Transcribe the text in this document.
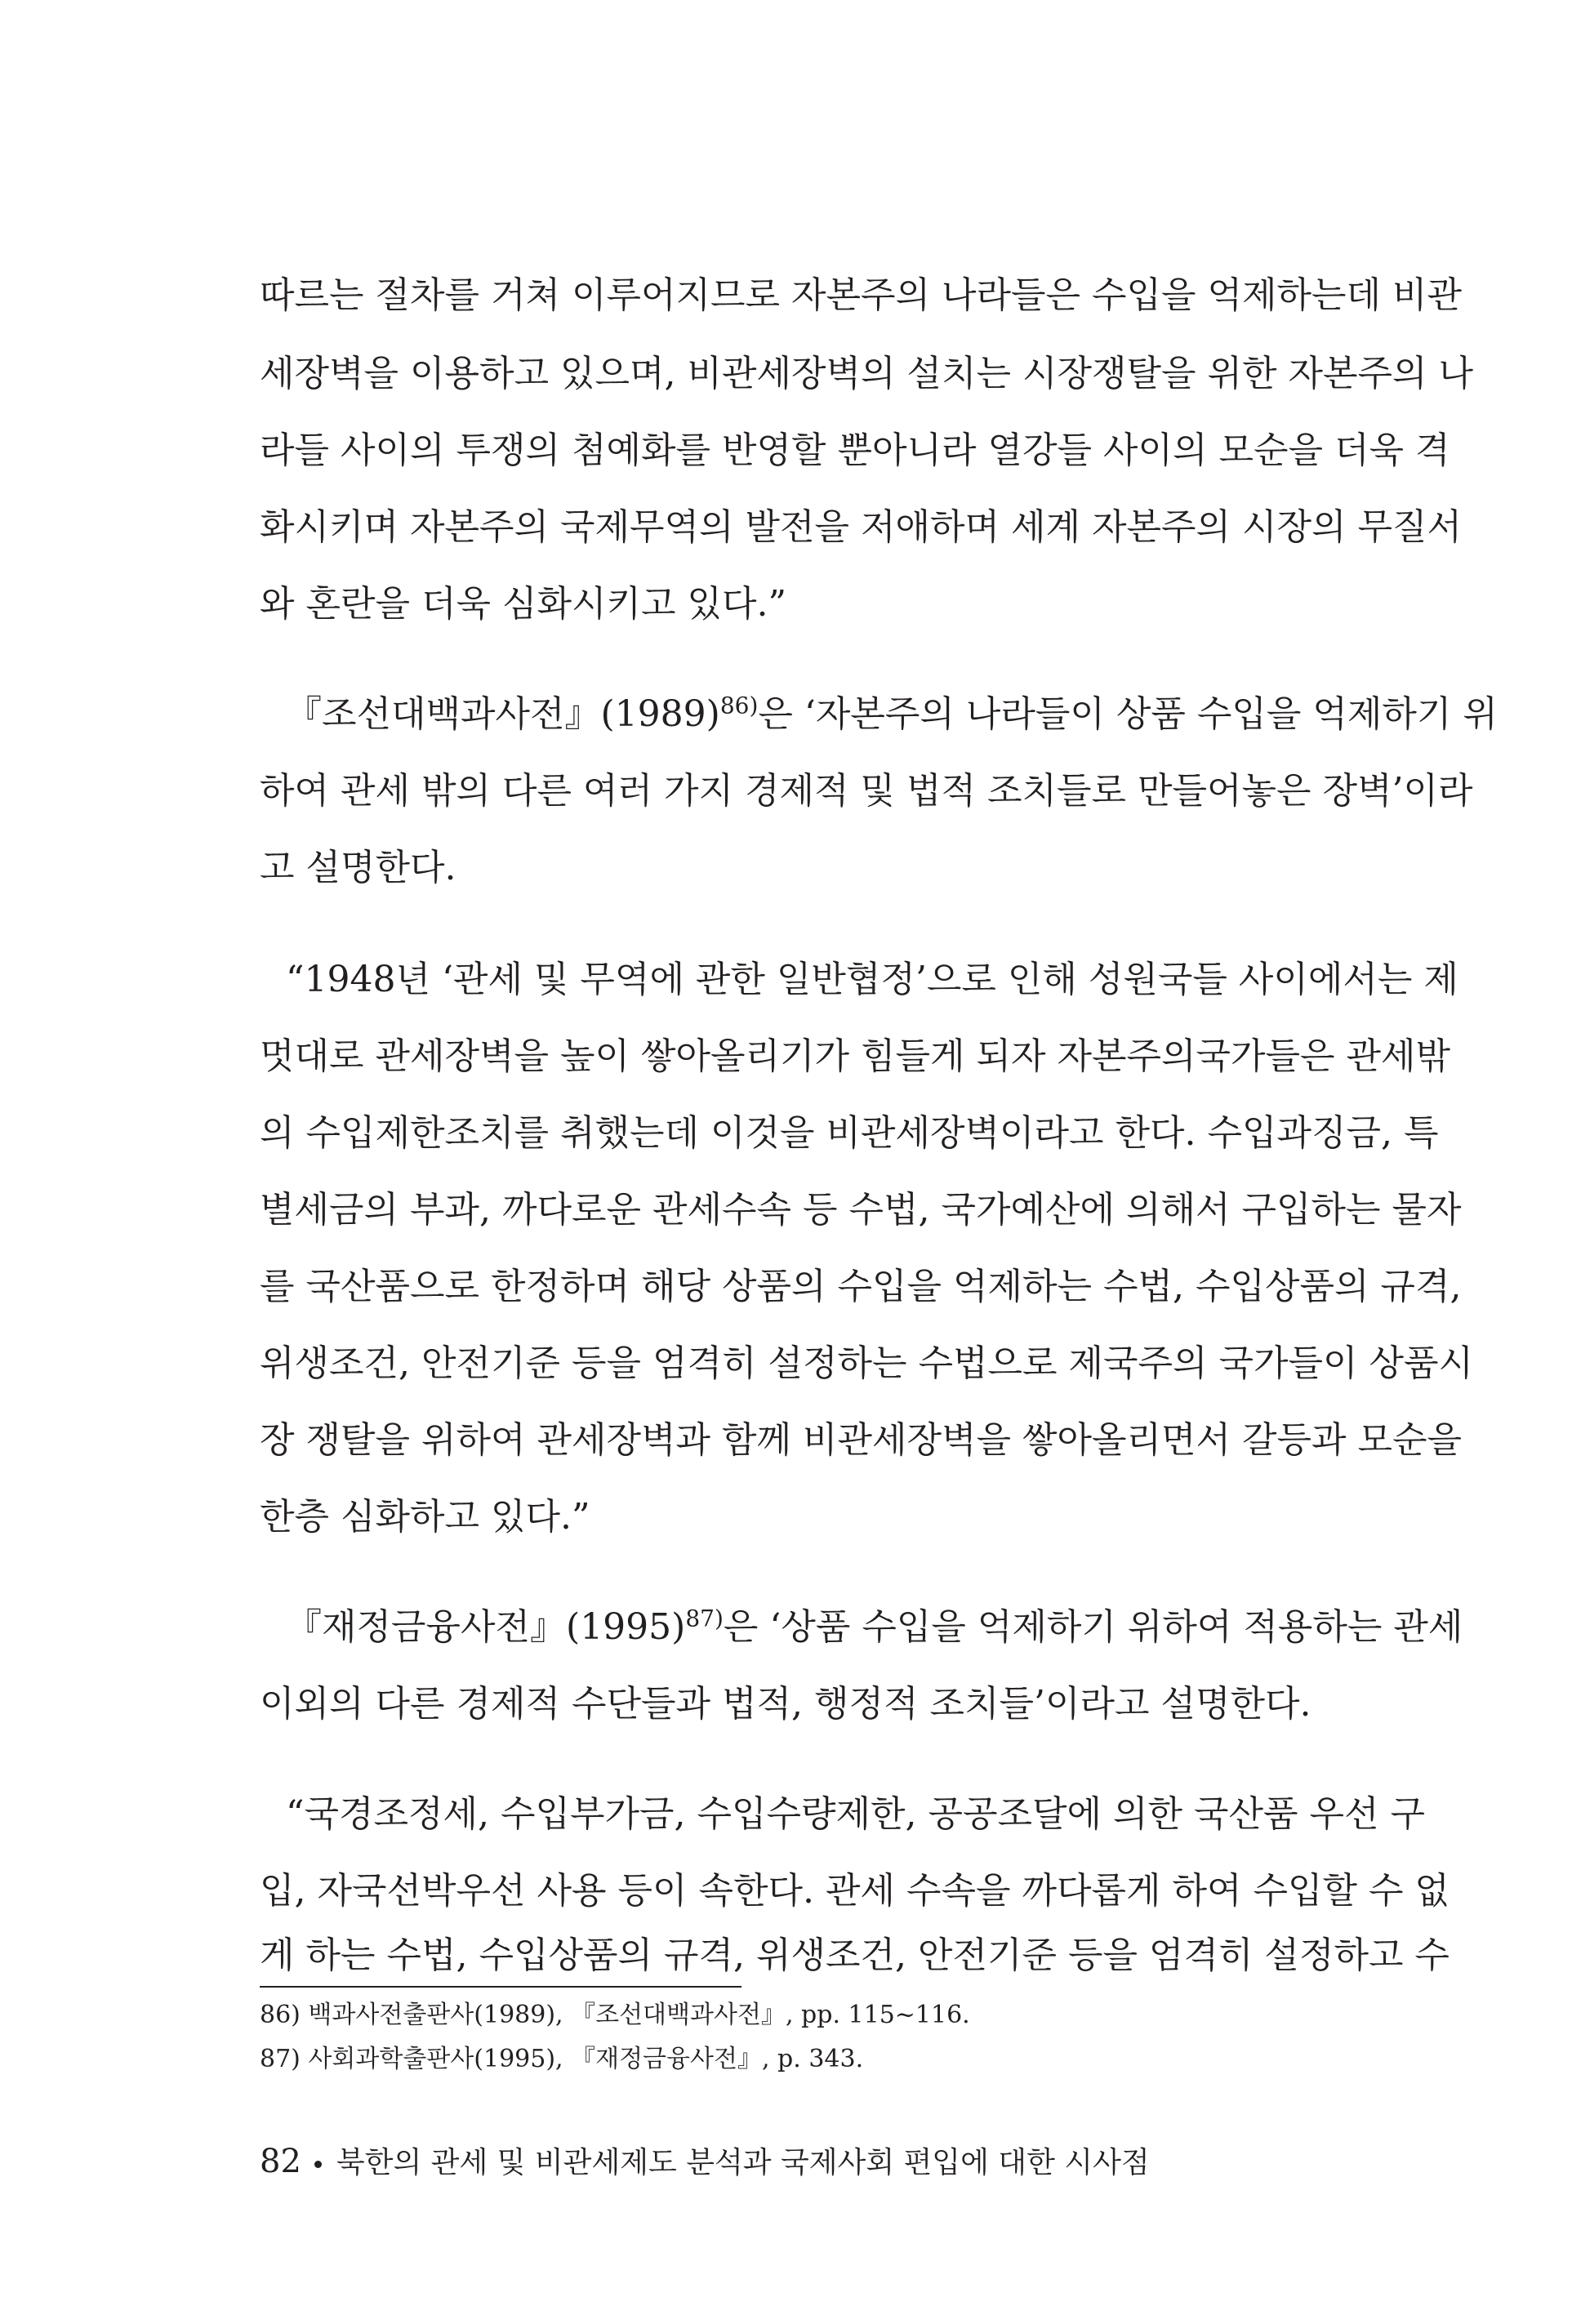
따르는 절차를 거쳐 이루어지므로 자본주의 나라들은 수입을 억제하는데 비관
세장벽을 이용하고 있으며, 비관세장벽의 설치는 시장쟁탈을 위한 자본주의 나
라들 사이의 투쟁의 첨예화를 반영할 뿐아니라 열강들 사이의 모순을 더욱 격
화시키며 자본주의 국제무역의 발전을 저애하며 세계 자본주의 시장의 무질서
와 혼란을 더욱 심화시키고 있다.”
『조선대백과사전』$(1989)^{86)}$은 ‘자본주의 나라들이 상품 수입을 억제하기 위
하여 관세 밖의 다른 여러 가지 경제적 및 법적 조치들로 만들어놓은 장벽’이라
고 설명한다.
“1948년 ‘관세 및 무역에 관한 일반협정’으로 인해 성원국들 사이에서는 제
멋대로 관세장벽을 높이 쌓아올리기가 힘들게 되자 자본주의국가들은 관세밖
의 수입제한조치를 취했는데 이것을 비관세장벽이라고 한다. 수입과징금, 특
별세금의 부과, 까다로운 관세수속 등 수법, 국가예산에 의해서 구입하는 물자
를 국산품으로 한정하며 해당 상품의 수입을 억제하는 수법, 수입상품의 규격,
위생조건, 안전기준 등을 엄격히 설정하는 수법으로 제국주의 국가들이 상품시
장 쟁탈을 위하여 관세장벽과 함께 비관세장벽을 쌓아올리면서 갈등과 모순을
한층 심화하고 있다.”
『재정금융사전』$(1995)^{87)}$은 ‘상품 수입을 억제하기 위하여 적용하는 관세
이외의 다른 경제적 수단들과 법적, 행정적 조치들’이라고 설명한다.
“국경조정세, 수입부가금, 수입수량제한, 공공조달에 의한 국산품 우선 구
입, 자국선박우선 사용 등이 속한다. 관세 수속을 까다롭게 하여 수입할 수 없
게 하는 수법, 수입상품의 규격, 위생조건, 안전기준 등을 엄격히 설정하고 수
86) 백과사전출판사(1989), 『조선대백과사전』, pp. 115~116.
87) 사회과학출판사(1995), 『재정금융사전』, p. 343.
82 북한의 관세 및 비관세제도 분석과 국제사회 편입에 대한 시사점
